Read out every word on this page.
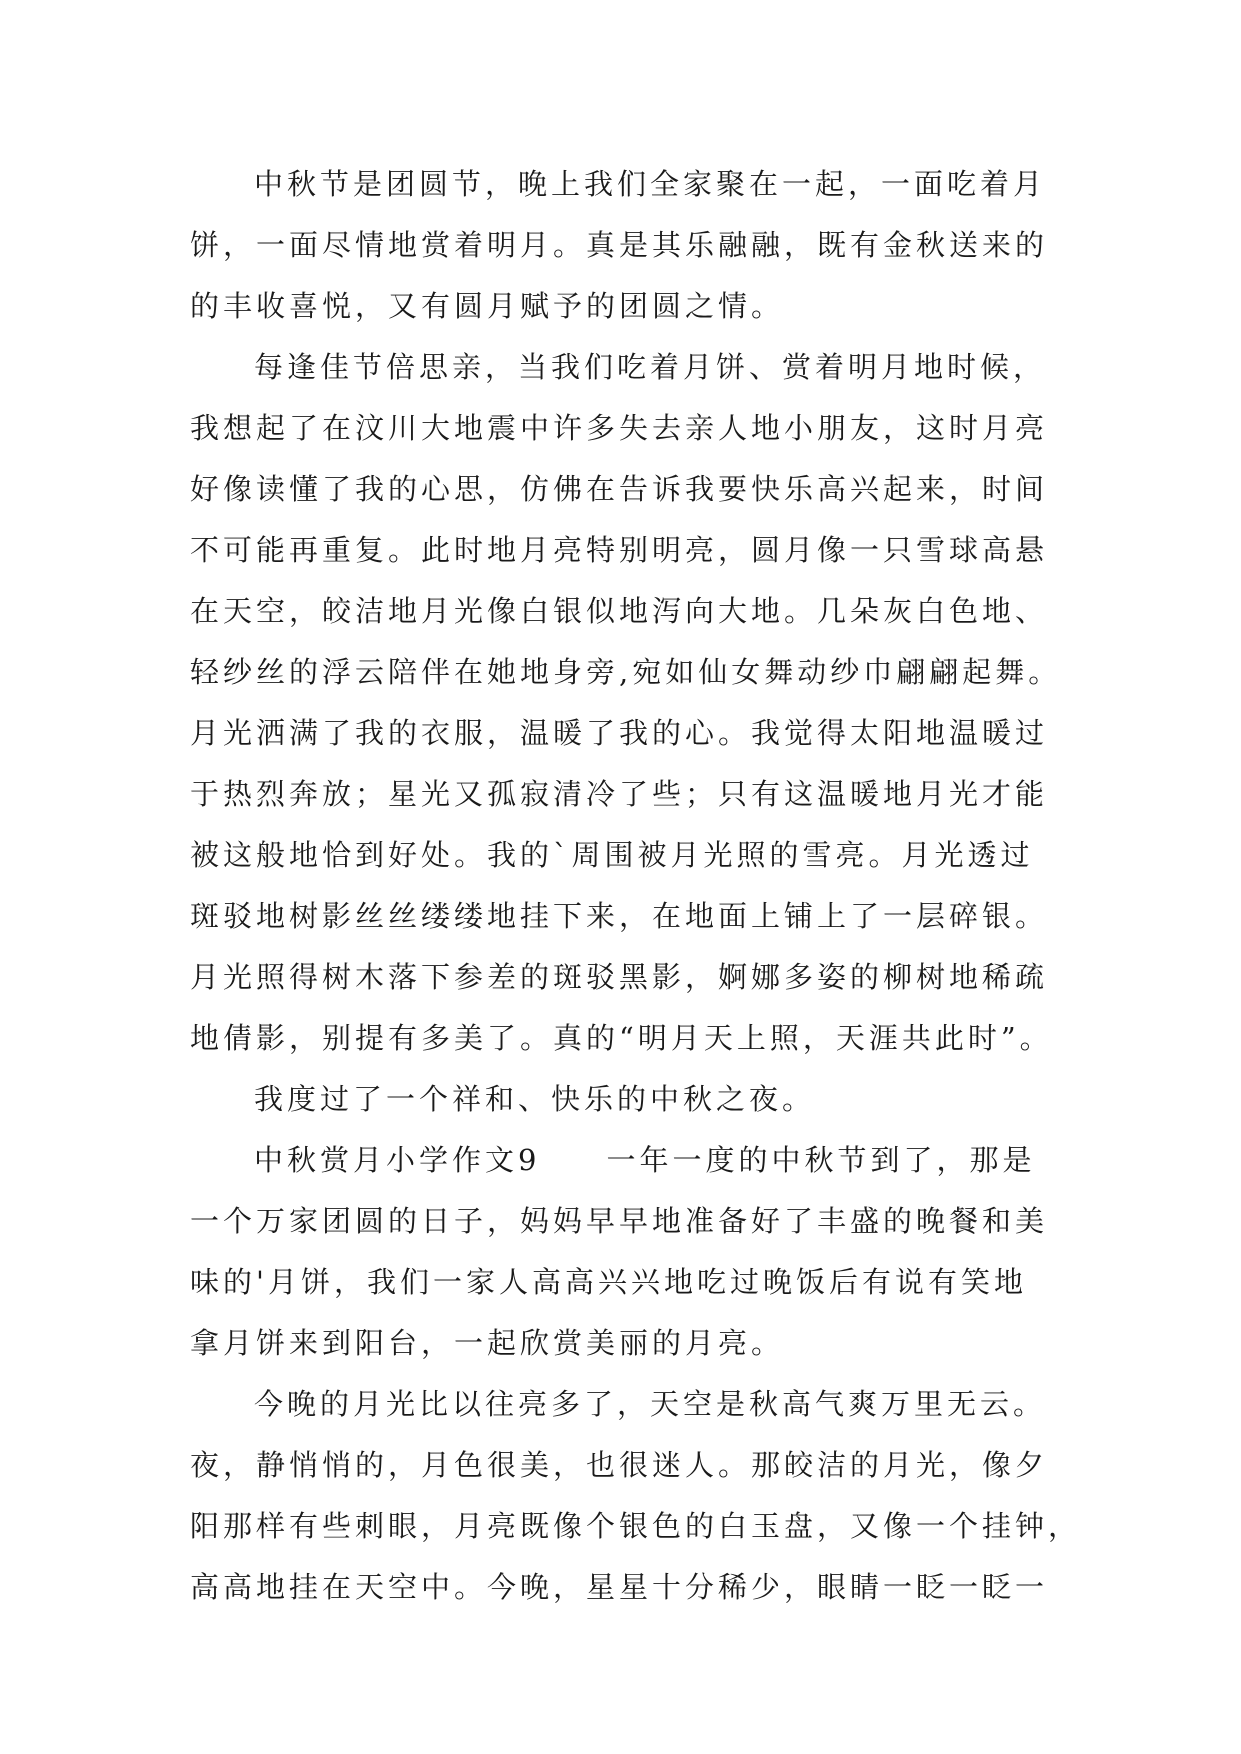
中秋节是团圆节，晚上我们全家聚在一起，一面吃着月
饼，一面尽情地赏着明月。真是其乐融融，既有金秋送来的
的丰收喜悦，又有圆月赋予的团圆之情。
每逢佳节倍思亲，当我们吃着月饼、赏着明月地时候，
我想起了在汶川大地震中许多失去亲人地小朋友，这时月亮
好像读懂了我的心思，仿佛在告诉我要快乐高兴起来，时间
不可能再重复。此时地月亮特别明亮，圆月像一只雪球高悬
在天空，皎洁地月光像白银似地泻向大地。几朵灰白色地、
轻纱丝的浮云陪伴在她地身旁,宛如仙女舞动纱巾翩翩起舞。
月光洒满了我的衣服，温暖了我的心。我觉得太阳地温暖过
于热烈奔放；星光又孤寂清冷了些；只有这温暖地月光才能
被这般地恰到好处。我的`周围被月光照的雪亮。月光透过
斑驳地树影丝丝缕缕地挂下来，在地面上铺上了一层碎银。
月光照得树木落下参差的斑驳黑影，婀娜多姿的柳树地稀疏
地倩影，别提有多美了。真的“明月天上照，天涯共此时”。
我度过了一个祥和、快乐的中秋之夜。
中秋赏月小学作文9　　一年一度的中秋节到了，那是
一个万家团圆的日子，妈妈早早地准备好了丰盛的晚餐和美
味的'月饼，我们一家人高高兴兴地吃过晚饭后有说有笑地
拿月饼来到阳台，一起欣赏美丽的月亮。
今晚的月光比以往亮多了，天空是秋高气爽万里无云。
夜，静悄悄的，月色很美，也很迷人。那皎洁的月光，像夕
阳那样有些刺眼，月亮既像个银色的白玉盘，又像一个挂钟，
高高地挂在天空中。今晚，星星十分稀少，眼睛一眨一眨一
